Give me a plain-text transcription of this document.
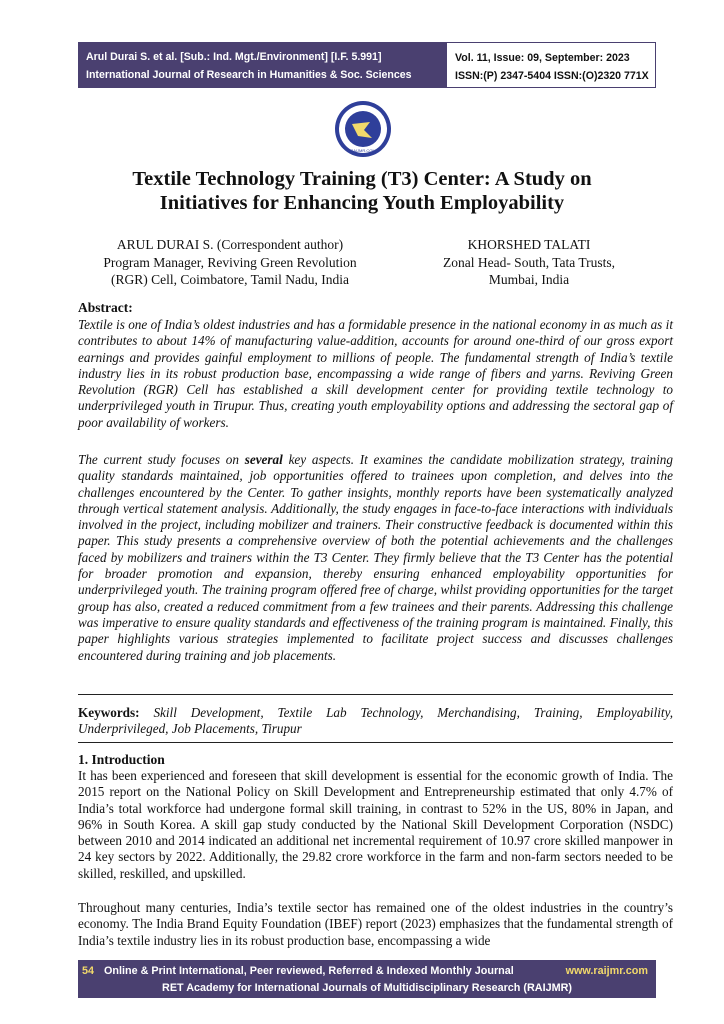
Arul Durai S. et al. [Sub.: Ind. Mgt./Environment] [I.F. 5.991]
International Journal of Research in Humanities & Soc. Sciences
Vol. 11, Issue: 09, September: 2023
ISSN:(P) 2347-5404 ISSN:(O)2320 771X
RAIJMR.COM
Textile Technology Training (T3) Center: A Study on
Initiatives for Enhancing Youth Employability
ARUL DURAI S. (Correspondent author)
Program Manager, Reviving Green Revolution
(RGR) Cell, Coimbatore, Tamil Nadu, India
KHORSHED TALATI
Zonal Head- South, Tata Trusts,
Mumbai, India
Abstract:
Textile is one of India’s oldest industries and has a formidable presence in the national economy in as much as it contributes to about 14% of manufacturing value-addition, accounts for around one-third of our gross export earnings and provides gainful employment to millions of people. The fundamental strength of India’s textile industry lies in its robust production base, encompassing a wide range of fibers and yarns. Reviving Green Revolution (RGR) Cell has established a skill development center for providing textile technology to underprivileged youth in Tirupur. Thus, creating youth employability options and addressing the sectoral gap of poor availability of workers.
The current study focuses on several key aspects. It examines the candidate mobilization strategy, training quality standards maintained, job opportunities offered to trainees upon completion, and delves into the challenges encountered by the Center. To gather insights, monthly reports have been systematically analyzed through vertical statement analysis. Additionally, the study engages in face-to-face interactions with individuals involved in the project, including mobilizer and trainers. Their constructive feedback is documented within this paper. This study presents a comprehensive overview of both the potential achievements and the challenges faced by mobilizers and trainers within the T3 Center. They firmly believe that the T3 Center has the potential for broader promotion and expansion, thereby ensuring enhanced employability opportunities for underprivileged youth. The training program offered free of charge, whilst providing opportunities for the target group has also, created a reduced commitment from a few trainees and their parents. Addressing this challenge was imperative to ensure quality standards and effectiveness of the training program is maintained. Finally, this paper highlights various strategies implemented to facilitate project success and discusses challenges encountered during training and job placements.
Keywords: Skill Development, Textile Lab Technology, Merchandising, Training, Employability, Underprivileged, Job Placements, Tirupur
1. Introduction
It has been experienced and foreseen that skill development is essential for the economic growth of India. The 2015 report on the National Policy on Skill Development and Entrepreneurship estimated that only 4.7% of India’s total workforce had undergone formal skill training, in contrast to 52% in the US, 80% in Japan, and 96% in South Korea. A skill gap study conducted by the National Skill Development Corporation (NSDC) between 2010 and 2014 indicated an additional net incremental requirement of 10.97 crore skilled manpower in 24 key sectors by 2022. Additionally, the 29.82 crore workforce in the farm and non-farm sectors needed to be skilled, reskilled, and upskilled.
Throughout many centuries, India’s textile sector has remained one of the oldest industries in the country’s economy. The India Brand Equity Foundation (IBEF) report (2023) emphasizes that the fundamental strength of India’s textile industry lies in its robust production base, encompassing a wide
54 Online & Print International, Peer reviewed, Referred & Indexed Monthly Journal	www.raijmr.com
RET Academy for International Journals of Multidisciplinary Research (RAIJMR)
